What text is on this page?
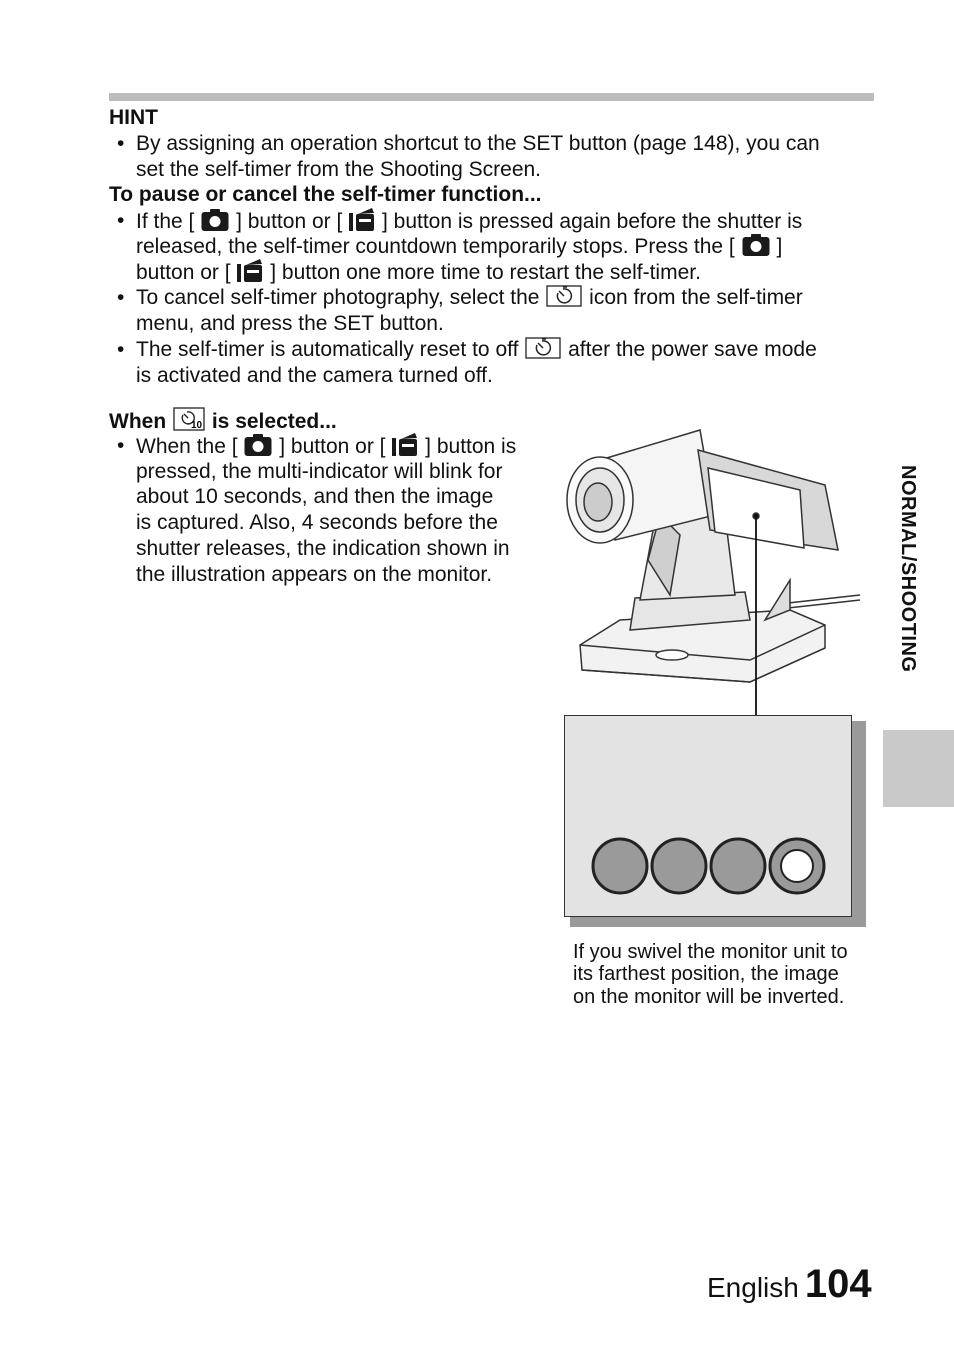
HINT
• By assigning an operation shortcut to the SET button (page 148), you can
set the self-timer from the Shooting Screen.
To pause or cancel the self-timer function...
• If the [ ] button or [ ] button is pressed again before the shutter is
released, the self-timer countdown temporarily stops. Press the [ ]
button or [ ] button one more time to restart the self-timer.
• To cancel self-timer photography, select the icon from the self-timer
menu, and press the SET button.
• The self-timer is automatically reset to off after the power save mode
is activated and the camera turned off.
When 10 is selected...
• When the [ ] button or [ ] button is
pressed, the multi-indicator will blink for
about 10 seconds, and then the image
is captured. Also, 4 seconds before the
shutter releases, the indication shown in
the illustration appears on the monitor.
If you swivel the monitor unit to its farthest position, the image on the monitor will be inverted.
NORMAL/SHOOTING
English 104
